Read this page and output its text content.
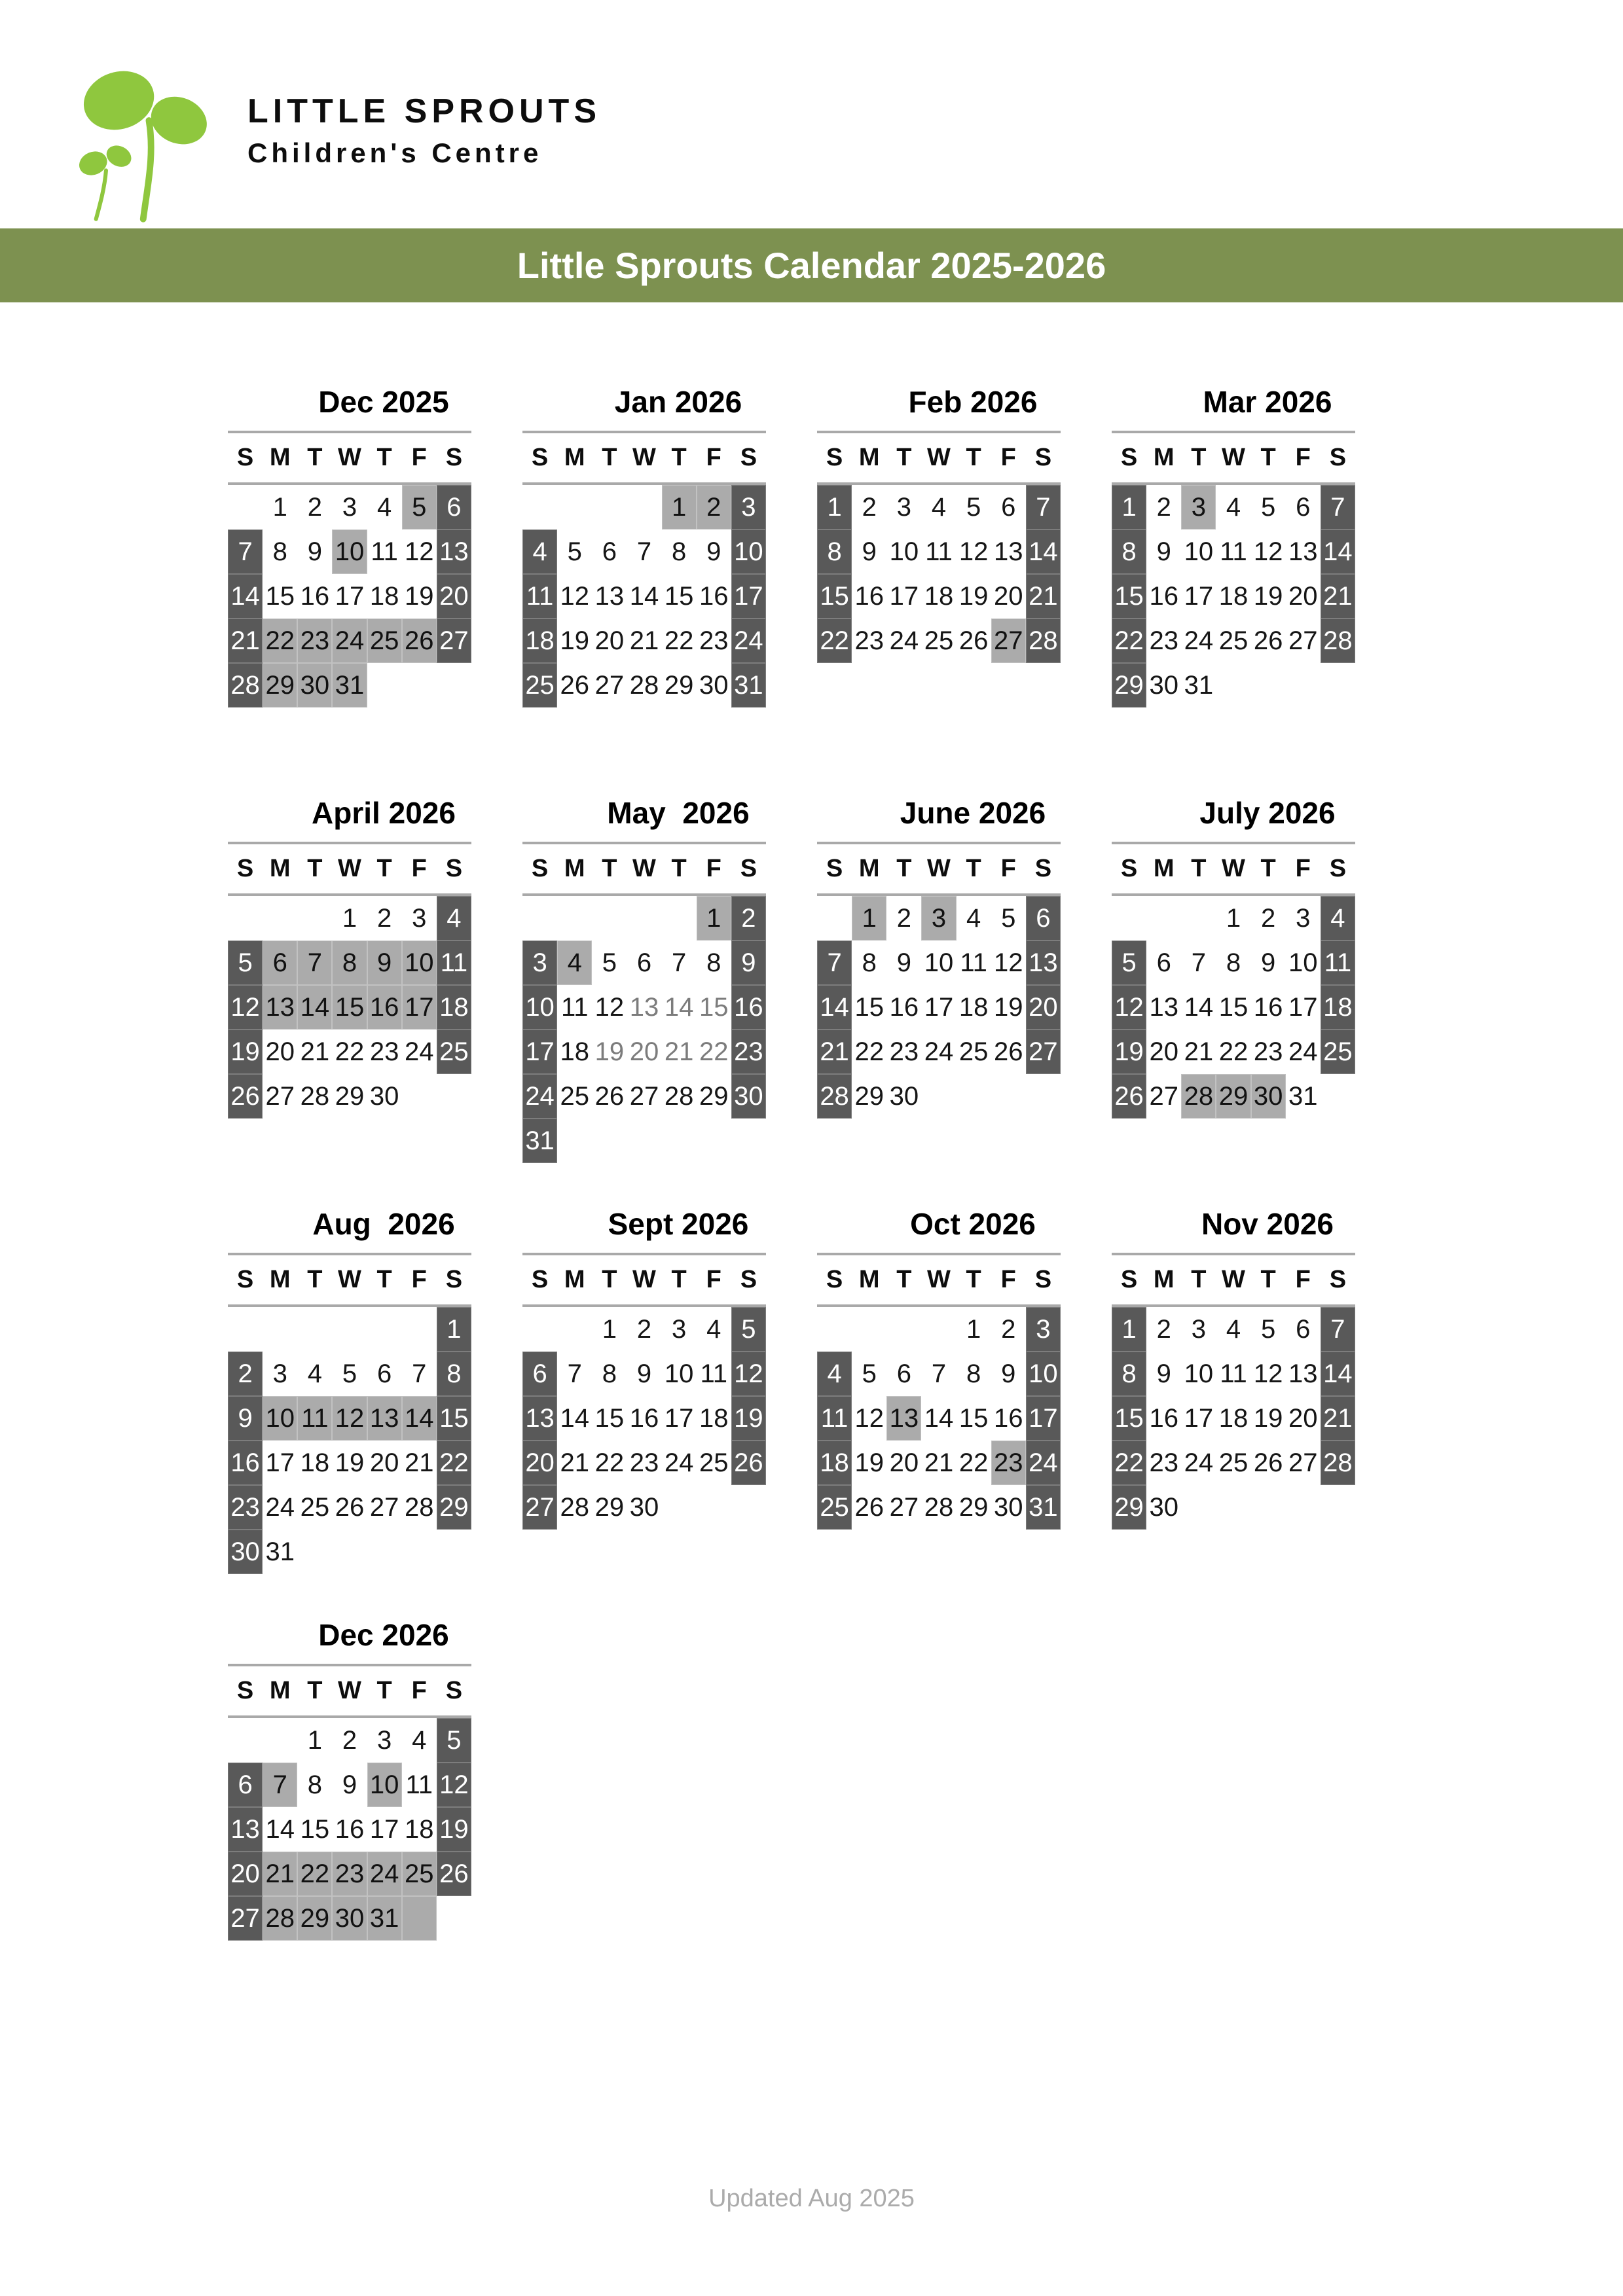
LITTLE SPROUTS
Children's Centre
Little Sprouts Calendar 2025-2026
Dec 2025
S M T W T F S
1 2 3 4 5 6
7 8 9 10 11 12 13
14 15 16 17 18 19 20
21 22 23 24 25 26 27
28 29 30 31
Jan 2026
S M T W T F S
1 2 3
4 5 6 7 8 9 10
11 12 13 14 15 16 17
18 19 20 21 22 23 24
25 26 27 28 29 30 31
Feb 2026
S M T W T F S
1 2 3 4 5 6 7
8 9 10 11 12 13 14
15 16 17 18 19 20 21
22 23 24 25 26 27 28
Mar 2026
S M T W T F S
1 2 3 4 5 6 7
8 9 10 11 12 13 14
15 16 17 18 19 20 21
22 23 24 25 26 27 28
29 30 31
April 2026
S M T W T F S
1 2 3 4
5 6 7 8 9 10 11
12 13 14 15 16 17 18
19 20 21 22 23 24 25
26 27 28 29 30
May  2026
S M T W T F S
1 2
3 4 5 6 7 8 9
10 11 12 13 14 15 16
17 18 19 20 21 22 23
24 25 26 27 28 29 30
31
June 2026
S M T W T F S
1 2 3 4 5 6
7 8 9 10 11 12 13
14 15 16 17 18 19 20
21 22 23 24 25 26 27
28 29 30
July 2026
S M T W T F S
1 2 3 4
5 6 7 8 9 10 11
12 13 14 15 16 17 18
19 20 21 22 23 24 25
26 27 28 29 30 31
Aug  2026
S M T W T F S
1
2 3 4 5 6 7 8
9 10 11 12 13 14 15
16 17 18 19 20 21 22
23 24 25 26 27 28 29
30 31
Sept 2026
S M T W T F S
1 2 3 4 5
6 7 8 9 10 11 12
13 14 15 16 17 18 19
20 21 22 23 24 25 26
27 28 29 30
Oct 2026
S M T W T F S
1 2 3
4 5 6 7 8 9 10
11 12 13 14 15 16 17
18 19 20 21 22 23 24
25 26 27 28 29 30 31
Nov 2026
S M T W T F S
1 2 3 4 5 6 7
8 9 10 11 12 13 14
15 16 17 18 19 20 21
22 23 24 25 26 27 28
29 30
Dec 2026
S M T W T F S
1 2 3 4 5
6 7 8 9 10 11 12
13 14 15 16 17 18 19
20 21 22 23 24 25 26
27 28 29 30 31
Updated Aug 2025
